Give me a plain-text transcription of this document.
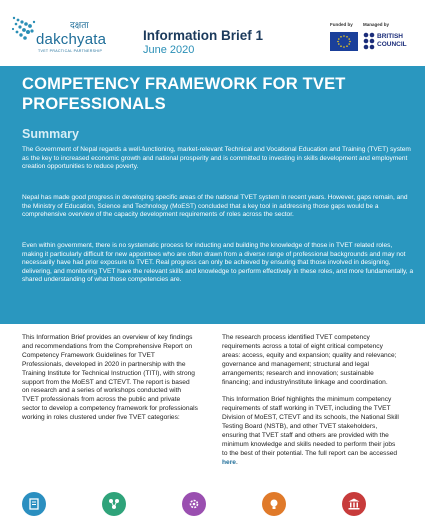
दक्षता
dakchyata
TVET PRACTICAL PARTNERSHIP
Information Brief 1
June 2020
Funded by Managed by
BRITISH
COUNCIL
COMPETENCY FRAMEWORK FOR TVET PROFESSIONALS
Summary

The Government of Nepal regards a well-functioning, market-relevant Technical and Vocational Education and Training (TVET) system as the key to increased economic growth and national prosperity and is committed to investing in skills development and employment creation opportunities to reduce poverty.

Nepal has made good progress in developing specific areas of the national TVET system in recent years. However, gaps remain, and the Ministry of Education, Science and Technology (MoEST) concluded that a key tool in addressing those gaps would be a comprehensive overview of the capacity development requirements of roles across the sector.

Even within government, there is no systematic process for inducting and building the knowledge of those in TVET related roles, making it particularly difficult for new appointees who are often drawn from a diverse range of professional backgrounds and may not necessarily have had prior exposure to TVET. Real progress can only be achieved by ensuring that those involved in designing, delivering, and monitoring TVET have the relevant skills and knowledge to perform effectively in these roles, and more fundamentally, a shared understanding of what those competencies are.

This Information Brief provides an overview of key findings and recommendations from the Comprehensive Report on Competency Framework Guidelines for TVET Professionals, developed in 2020 in partnership with the Training Institute for Technical Instruction (TITI), with strong support from the MoEST and CTEVT. The report is based on research and a series of workshops conducted with TVET professionals from across the public and private sector to develop a competency framework for professionals working in roles clustered under five TVET categories:

The research process identified TVET competency requirements across a total of eight critical competency areas: access, equity and expansion; quality and relevance; governance and management; structural and legal arrangements; research and innovation; sustainable financing; and industry/institute linkage and coordination.

This Information Brief highlights the minimum competency requirements of staff working in TVET, including the TVET Division of MoEST, CTEVT and its schools, the National Skill Testing Board (NSTB), and other TVET stakeholders, ensuring that TVET staff and others are provided with the minimum knowledge and skills needed to perform their jobs to the best of their potential. The full report can be accessed here.
